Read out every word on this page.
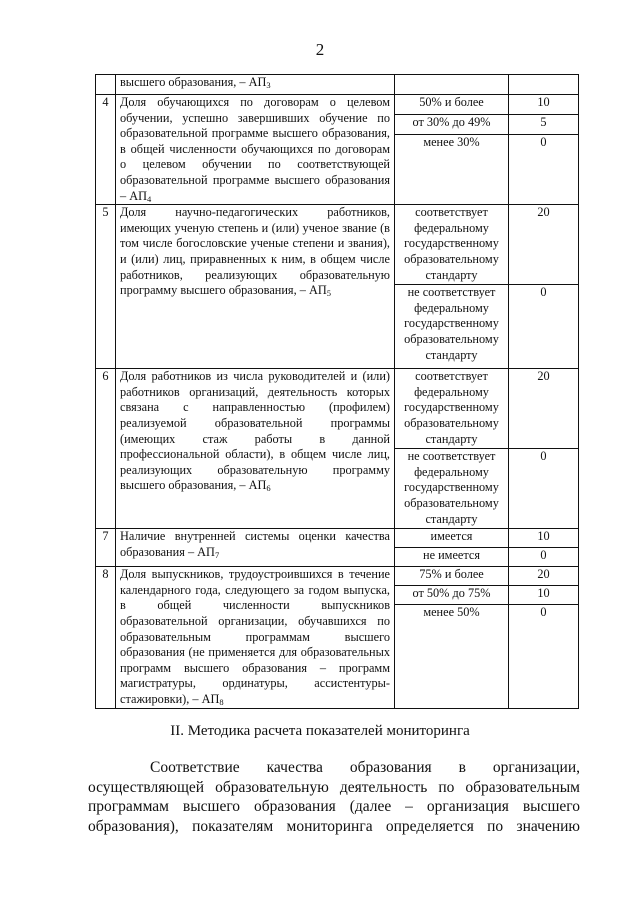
2
	высшего образования, – АП3		
4	Доля обучающихся по договорам о целевом обучении, успешно завершивших обучение по образовательной программе высшего образования, в общей численности обучающихся по договорам о целевом обучении по соответствующей образовательной программе высшего образования – АП4	50% и более	10
		от 30% до 49%	5
		менее 30%	0
5	Доля научно-педагогических работников, имеющих ученую степень и (или) ученое звание (в том числе богословские ученые степени и звания), и (или) лиц, приравненных к ним, в общем числе работников, реализующих образовательную программу высшего образования, – АП5	соответствует федеральному государственному образовательному стандарту	20
		не соответствует федеральному государственному образовательному стандарту	0
6	Доля работников из числа руководителей и (или) работников организаций, деятельность которых связана с направленностью (профилем) реализуемой образовательной программы (имеющих стаж работы в данной профессиональной области), в общем числе лиц, реализующих образовательную программу высшего образования, – АП6	соответствует федеральному государственному образовательному стандарту	20
		не соответствует федеральному государственному образовательному стандарту	0
7	Наличие внутренней системы оценки качества образования – АП7	имеется	10
		не имеется	0
8	Доля выпускников, трудоустроившихся в течение календарного года, следующего за годом выпуска, в общей численности выпускников образовательной организации, обучавшихся по образовательным программам высшего образования (не применяется для образовательных программ высшего образования – программ магистратуры, ординатуры, ассистентуры-стажировки), – АП8	75% и более	20
		от 50% до 75%	10
		менее 50%	0
II. Методика расчета показателей мониторинга
Соответствие качества образования в организации,
осуществляющей образовательную деятельность по образовательным
программам высшего образования (далее – организация высшего
образования), показателям мониторинга определяется по значению
